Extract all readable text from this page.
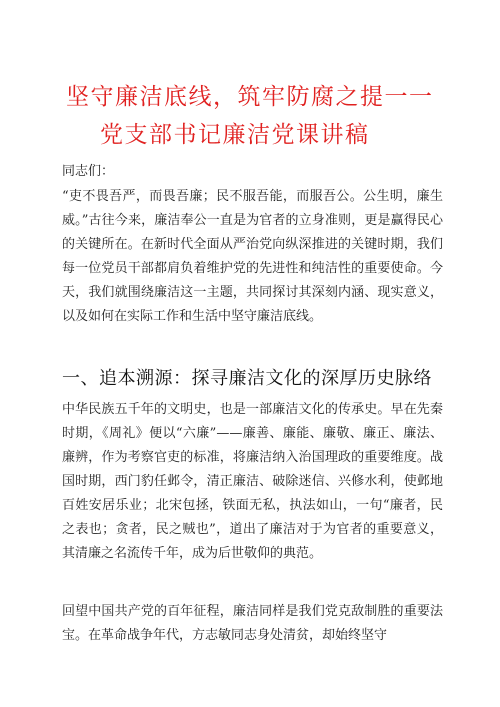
坚守廉洁底线，筑牢防腐之提一一
党支部书记廉洁党课讲稿

同志们：

“吏不畏吾严，而畏吾廉；民不服吾能，而服吾公。公生明，廉生威。”古往今来，廉洁奉公一直是为官者的立身准则，更是赢得民心的关键所在。在新时代全面从严治党向纵深推进的关键时期，我们每一位党员干部都肩负着维护党的先进性和纯洁性的重要使命。今天，我们就围绕廉洁这一主题，共同探讨其深刻内涵、现实意义，以及如何在实际工作和生活中坚守廉洁底线。

一、追本溯源：探寻廉洁文化的深厚历史脉络

中华民族五千年的文明史，也是一部廉洁文化的传承史。早在先秦时期，《周礼》便以“六廉”——廉善、廉能、廉敬、廉正、廉法、廉辨，作为考察官吏的标准，将廉洁纳入治国理政的重要维度。战国时期，西门豹任邺令，清正廉洁、破除迷信、兴修水利，使邺地百姓安居乐业；北宋包拯，铁面无私，执法如山，一句“廉者，民之表也；贪者，民之贼也”，道出了廉洁对于为官者的重要意义，其清廉之名流传千年，成为后世敬仰的典范。

回望中国共产党的百年征程，廉洁同样是我们党克敌制胜的重要法宝。在革命战争年代，方志敏同志身处清贫，却始终坚守
